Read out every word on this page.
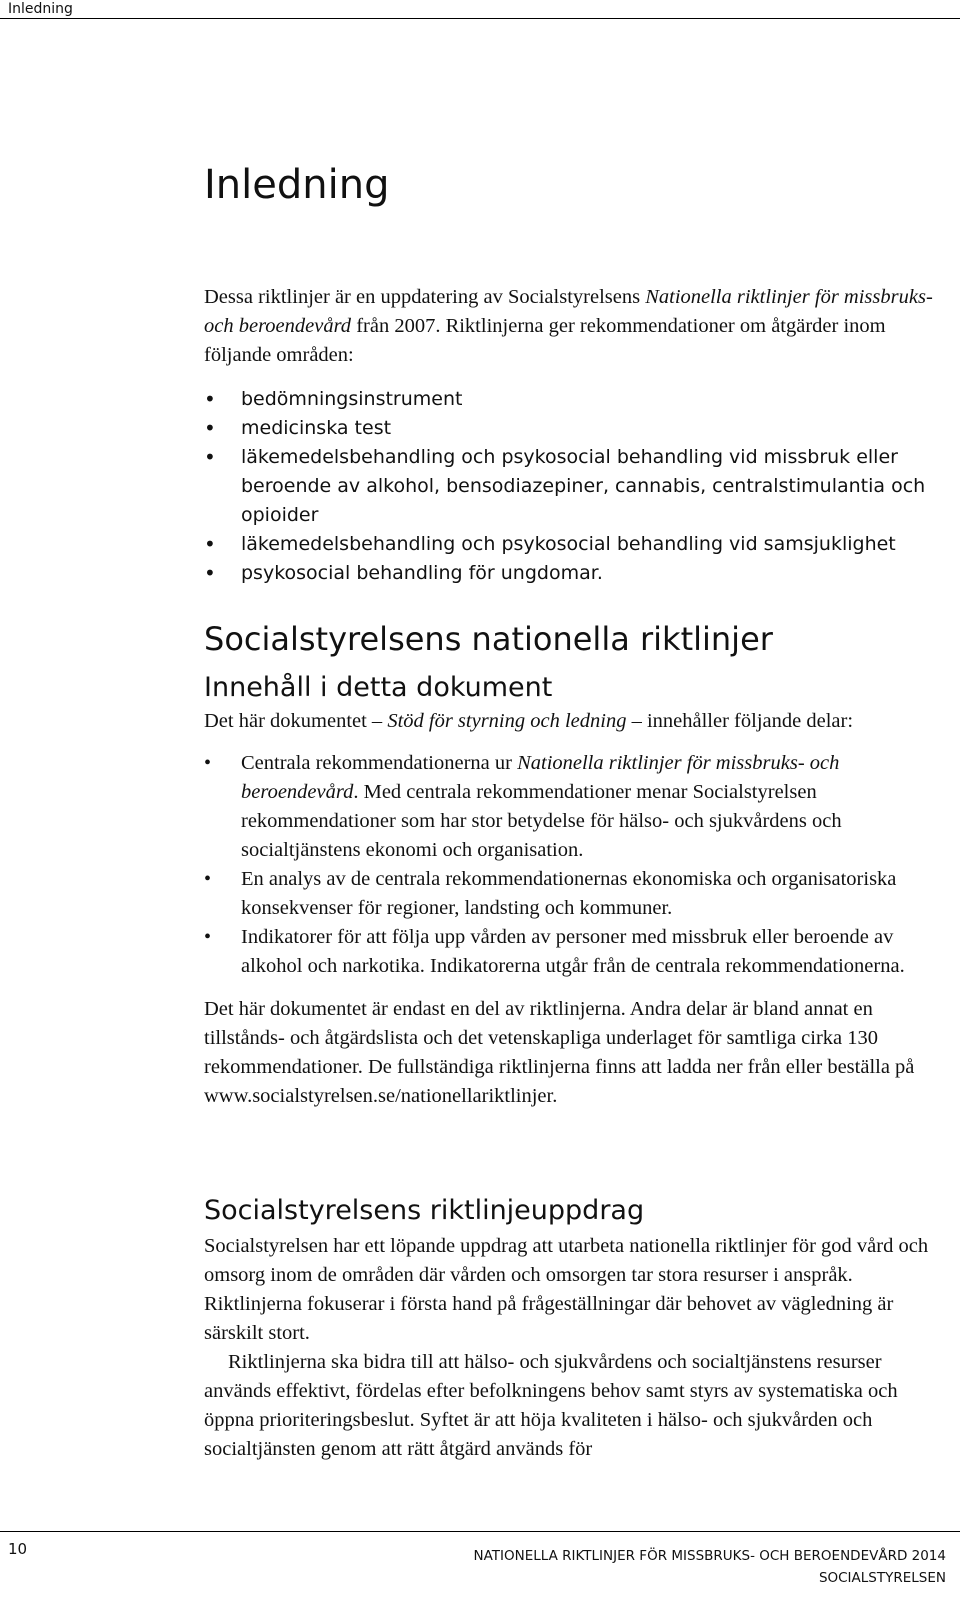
Inledning
Inledning

Dessa riktlinjer är en uppdatering av Socialstyrelsens Nationella riktlinjer för missbruks- och beroendevård från 2007. Riktlinjerna ger rekommendationer om åtgärder inom följande områden:

• bedömningsinstrument
• medicinska test
• läkemedelsbehandling och psykosocial behandling vid missbruk eller beroende av alkohol, bensodiazepiner, cannabis, centralstimulantia och opioider
• läkemedelsbehandling och psykosocial behandling vid samsjuklighet
• psykosocial behandling för ungdomar.
Socialstyrelsens nationella riktlinjer
Innehåll i detta dokument

Det här dokumentet – Stöd för styrning och ledning – innehåller följande delar:

• Centrala rekommendationerna ur Nationella riktlinjer för missbruks- och beroendevård. Med centrala rekommendationer menar Socialstyrelsen rekommendationer som har stor betydelse för hälso- och sjukvårdens och socialtjänstens ekonomi och organisation.
• En analys av de centrala rekommendationernas ekonomiska och organisatoriska konsekvenser för regioner, landsting och kommuner.
• Indikatorer för att följa upp vården av personer med missbruk eller beroende av alkohol och narkotika. Indikatorerna utgår från de centrala rekommendationerna.

Det här dokumentet är endast en del av riktlinjerna. Andra delar är bland annat en tillstånds- och åtgärdslista och det vetenskapliga underlaget för samtliga cirka 130 rekommendationer. De fullständiga riktlinjerna finns att ladda ner från eller beställa på www.socialstyrelsen.se/nationellariktlinjer.

Socialstyrelsens riktlinjeuppdrag

Socialstyrelsen har ett löpande uppdrag att utarbeta nationella riktlinjer för god vård och omsorg inom de områden där vården och omsorgen tar stora resurser i anspråk. Riktlinjerna fokuserar i första hand på frågeställningar där behovet av vägledning är särskilt stort.

Riktlinjerna ska bidra till att hälso- och sjukvårdens och socialtjänstens resurser används effektivt, fördelas efter befolkningens behov samt styrs av systematiska och öppna prioriteringsbeslut. Syftet är att höja kvaliteten i hälso- och sjukvården och socialtjänsten genom att rätt åtgärd används för

10	NATIONELLA RIKTLINJER FÖR MISSBRUKS- OCH BEROENDEVÅRD 2014
SOCIALSTYRELSEN
